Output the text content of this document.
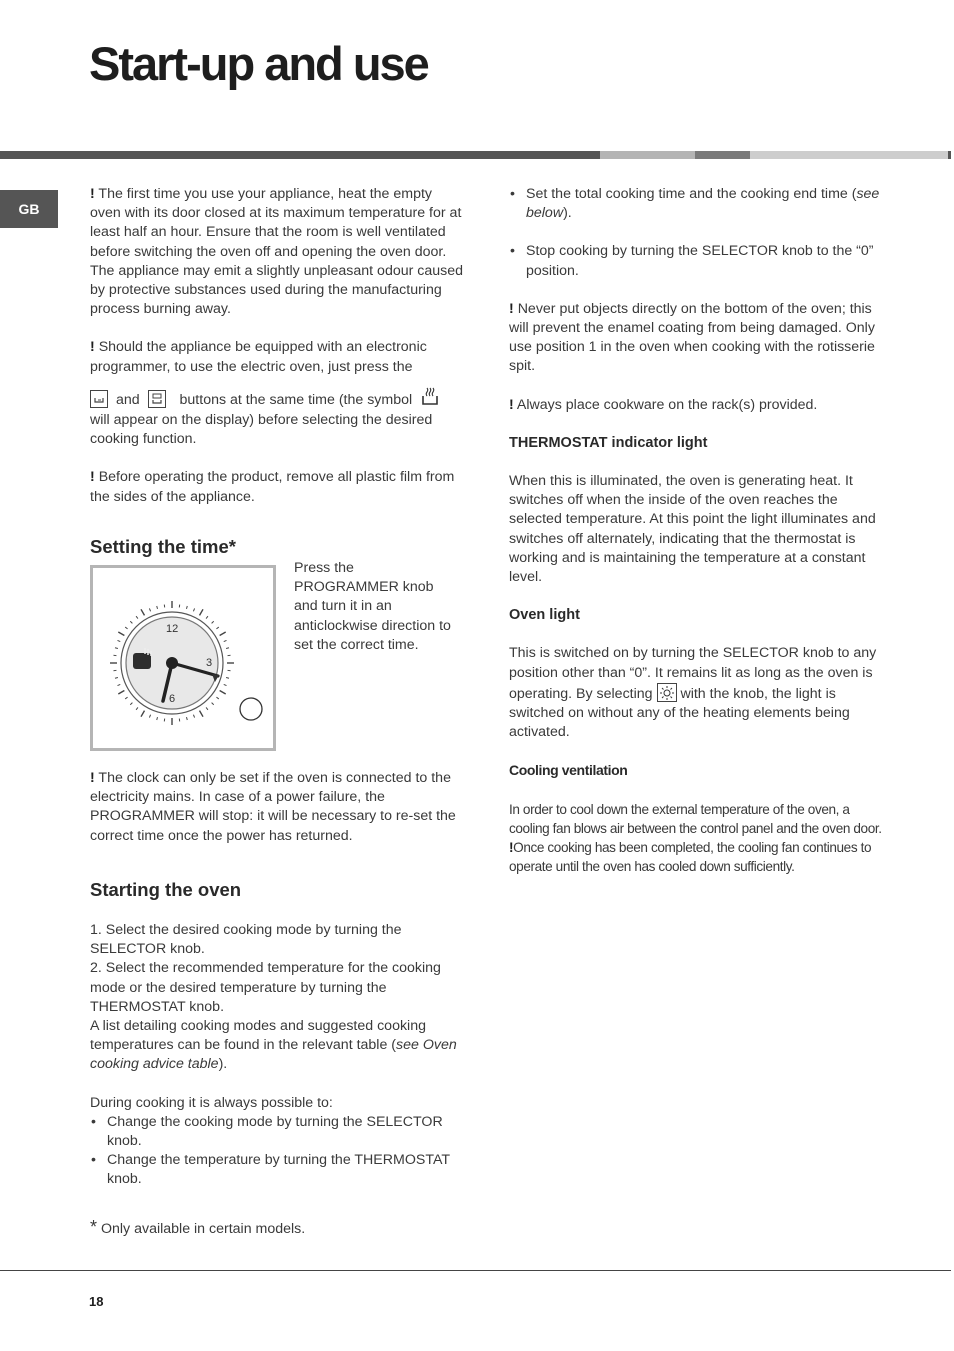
Start-up and use
GB

! The first time you use your appliance, heat the empty oven with its door closed at its maximum temperature for at least half an hour. Ensure that the room is well ventilated before switching the oven off and opening the oven door. The appliance may emit a slightly unpleasant odour caused by protective substances used during the manufacturing process burning away.

! Should the appliance be equipped with an electronic programmer, to use the electric oven, just press the

and	buttons at the same time (the symbol

will appear on the display) before selecting the desired cooking function.

! Before operating the product, remove all plastic film from the sides of the appliance.

Setting the time*
12
3
6
Press the PROGRAMMER knob and turn it in an anticlockwise direction to set the correct time.

! The clock can only be set if the oven is connected to the electricity mains. In case of a power failure, the PROGRAMMER will stop: it will be necessary to re-set the correct time once the power has returned.

Starting the oven

1. Select the desired cooking mode by turning the SELECTOR knob.

2. Select the recommended temperature for the cooking mode or the desired temperature by turning the THERMOSTAT knob.

A list detailing cooking modes and suggested cooking temperatures can be found in the relevant table (see Oven cooking advice table).

During cooking it is always possible to:

• Change the cooking mode by turning the SELECTOR knob.

• Change the temperature by turning the THERMOSTAT knob.

* Only available in certain models.

• Set the total cooking time and the cooking end time (see below).

• Stop cooking by turning the SELECTOR knob to the “0” position.

! Never put objects directly on the bottom of the oven; this will prevent the enamel coating from being damaged. Only use position 1 in the oven when cooking with the rotisserie spit.

! Always place cookware on the rack(s) provided.

THERMOSTAT indicator light

When this is illuminated, the oven is generating heat. It switches off when the inside of the oven reaches the selected temperature. At this point the light illuminates and switches off alternately, indicating that the thermostat is working and is maintaining the temperature at a constant level.

Oven light

This is switched on by turning the SELECTOR knob to any position other than “0”. It remains lit as long as the oven is operating. By selecting with the knob, the light is switched on without any of the heating elements being activated.

Cooling ventilation

In order to cool down the external temperature of the oven, a cooling fan blows air between the control panel and the oven door.

!Once cooking has been completed, the cooling fan continues to operate until the oven has cooled down sufficiently.

18
